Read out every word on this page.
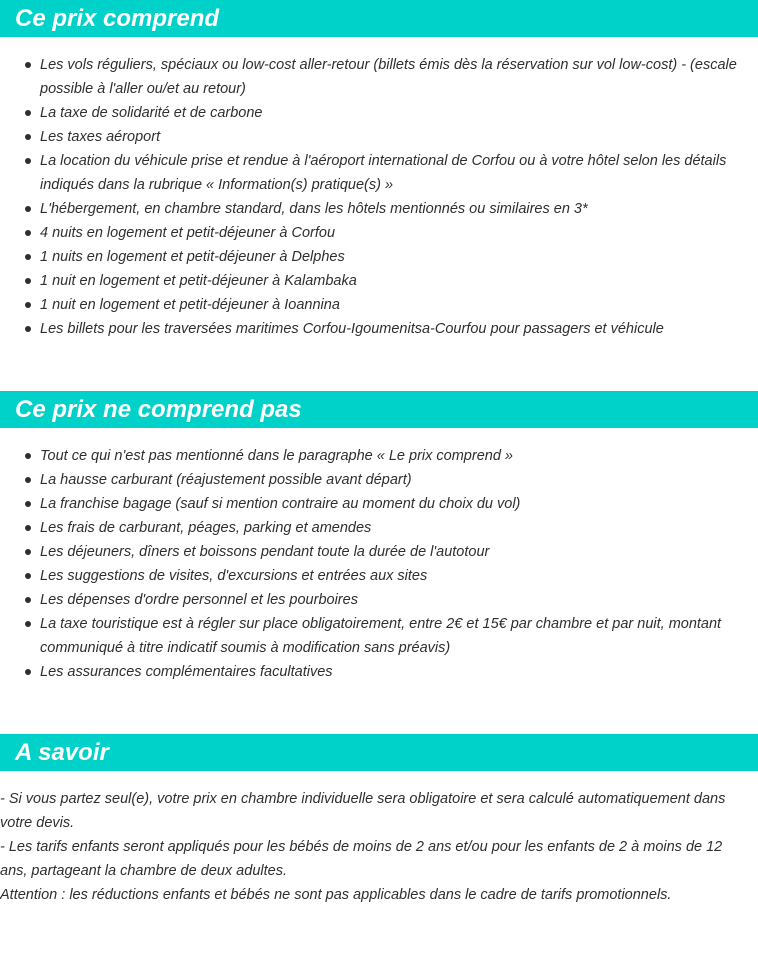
Ce prix comprend
Les vols réguliers, spéciaux ou low-cost aller-retour (billets émis dès la réservation sur vol low-cost) - (escale possible à l'aller ou/et au retour)
La taxe de solidarité et de carbone
Les taxes aéroport
La location du véhicule prise et rendue à l'aéroport international de Corfou ou à votre hôtel selon les détails indiqués dans la rubrique « Information(s) pratique(s) »
L'hébergement, en chambre standard, dans les hôtels mentionnés ou similaires en 3*
4 nuits en logement et petit-déjeuner à Corfou
1 nuits en logement et petit-déjeuner à Delphes
1 nuit en logement et petit-déjeuner à Kalambaka
1 nuit en logement et petit-déjeuner à Ioannina
Les billets pour les traversées maritimes Corfou-Igoumenitsa-Courfou pour passagers et véhicule
Ce prix ne comprend pas
Tout ce qui n'est pas mentionné dans le paragraphe « Le prix comprend »
La hausse carburant (réajustement possible avant départ)
La franchise bagage (sauf si mention contraire au moment du choix du vol)
Les frais de carburant, péages, parking et amendes
Les déjeuners, dîners et boissons pendant toute la durée de l'autotour
Les suggestions de visites, d'excursions et entrées aux sites
Les dépenses d'ordre personnel et les pourboires
La taxe touristique est à régler sur place obligatoirement, entre 2€ et 15€ par chambre et par nuit, montant communiqué à titre indicatif soumis à modification sans préavis)
Les assurances complémentaires facultatives
A savoir

- Si vous partez seul(e), votre prix en chambre individuelle sera obligatoire et sera calculé automatiquement dans votre devis.

- Les tarifs enfants seront appliqués pour les bébés de moins de 2 ans et/ou pour les enfants de 2 à moins de 12 ans, partageant la chambre de deux adultes.

Attention : les réductions enfants et bébés ne sont pas applicables dans le cadre de tarifs promotionnels.
